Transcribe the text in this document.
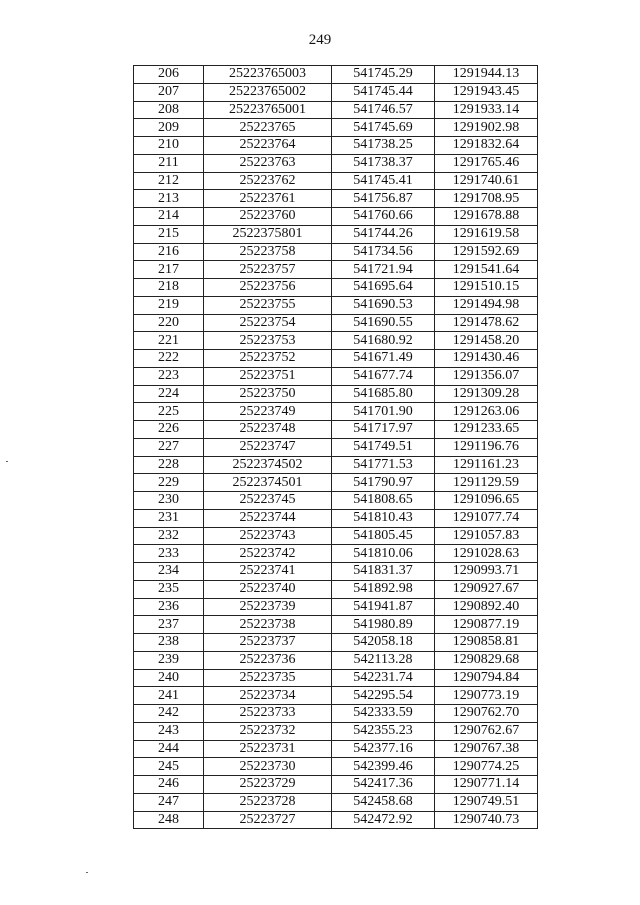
249
206	25223765003	541745.29	1291944.13
207	25223765002	541745.44	1291943.45
208	25223765001	541746.57	1291933.14
209	25223765	541745.69	1291902.98
210	25223764	541738.25	1291832.64
211	25223763	541738.37	1291765.46
212	25223762	541745.41	1291740.61
213	25223761	541756.87	1291708.95
214	25223760	541760.66	1291678.88
215	2522375801	541744.26	1291619.58
216	25223758	541734.56	1291592.69
217	25223757	541721.94	1291541.64
218	25223756	541695.64	1291510.15
219	25223755	541690.53	1291494.98
220	25223754	541690.55	1291478.62
221	25223753	541680.92	1291458.20
222	25223752	541671.49	1291430.46
223	25223751	541677.74	1291356.07
224	25223750	541685.80	1291309.28
225	25223749	541701.90	1291263.06
226	25223748	541717.97	1291233.65
227	25223747	541749.51	1291196.76
228	2522374502	541771.53	1291161.23
229	2522374501	541790.97	1291129.59
230	25223745	541808.65	1291096.65
231	25223744	541810.43	1291077.74
232	25223743	541805.45	1291057.83
233	25223742	541810.06	1291028.63
234	25223741	541831.37	1290993.71
235	25223740	541892.98	1290927.67
236	25223739	541941.87	1290892.40
237	25223738	541980.89	1290877.19
238	25223737	542058.18	1290858.81
239	25223736	542113.28	1290829.68
240	25223735	542231.74	1290794.84
241	25223734	542295.54	1290773.19
242	25223733	542333.59	1290762.70
243	25223732	542355.23	1290762.67
244	25223731	542377.16	1290767.38
245	25223730	542399.46	1290774.25
246	25223729	542417.36	1290771.14
247	25223728	542458.68	1290749.51
248	25223727	542472.92	1290740.73
